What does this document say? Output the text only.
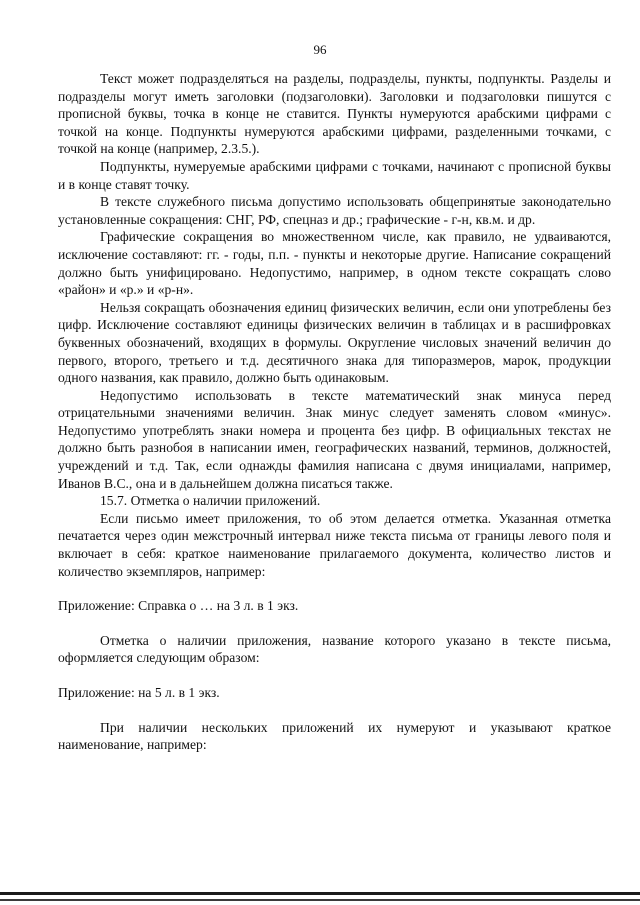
96

Текст может подразделяться на разделы, подразделы, пункты, подпункты. Разделы и подразделы могут иметь заголовки (подзаголовки). Заголовки и подзаголовки пишутся с прописной буквы, точка в конце не ставится. Пункты нумеруются арабскими цифрами с точкой на конце. Подпункты нумеруются арабскими цифрами, разделенными точками, с точкой на конце (например, 2.3.5.).

Подпункты, нумеруемые арабскими цифрами с точками, начинают с прописной буквы и в конце ставят точку.

В тексте служебного письма допустимо использовать общепринятые законодательно установленные сокращения: СНГ, РФ, спецназ и др.; графические - г-н, кв.м. и др.

Графические сокращения во множественном числе, как правило, не удваиваются, исключение составляют: гг. - годы, п.п. - пункты и некоторые другие. Написание сокращений должно быть унифицировано. Недопустимо, например, в одном тексте сокращать слово «район» и «р.» и «р-н».

Нельзя сокращать обозначения единиц физических величин, если они употреблены без цифр. Исключение составляют единицы физических величин в таблицах и в расшифровках буквенных обозначений, входящих в формулы. Округление числовых значений величин до первого, второго, третьего и т.д. десятичного знака для типоразмеров, марок, продукции одного названия, как правило, должно быть одинаковым.

Недопустимо использовать в тексте математический знак минуса перед отрицательными значениями величин. Знак минус следует заменять словом «минус». Недопустимо употреблять знаки номера и процента без цифр. В официальных текстах не должно быть разнобоя в написании имен, географических названий, терминов, должностей, учреждений и т.д. Так, если однажды фамилия написана с двумя инициалами, например, Иванов В.С., она и в дальнейшем должна писаться также.

15.7. Отметка о наличии приложений.

Если письмо имеет приложения, то об этом делается отметка. Указанная отметка печатается через один межстрочный интервал ниже текста письма от границы левого поля и включает в себя: краткое наименование прилагаемого документа, количество листов и количество экземпляров, например:

Приложение: Справка о … на 3 л. в 1 экз.

Отметка о наличии приложения, название которого указано в тексте письма, оформляется следующим образом:

Приложение: на 5 л. в 1 экз.

При наличии нескольких приложений их нумеруют и указывают краткое наименование, например:
